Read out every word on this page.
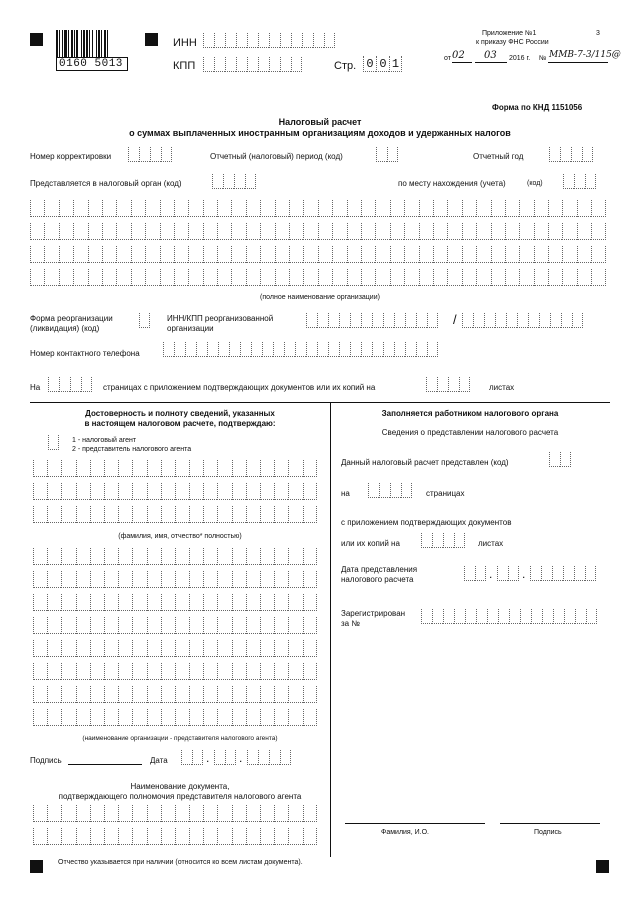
0160 5013
ИНН
КПП	Стр. 0 0 1
Приложение №1	3
к приказу ФНС России
от 02 03 2016 г. № ММВ-7-3/115@
Форма по КНД 1151056
Налоговый расчет
о суммах выплаченных иностранным организациям доходов и удержанных налогов
Номер корректировки	Отчетный (налоговый) период (код)	Отчетный год
Представляется в налоговый орган (код)	по месту нахождения (учета)	(код)
(полное наименование организации)
Форма реорганизации
(ликвидация) (код)
ИНН/КПП реорганизованной
организации
/
Номер контактного телефона
На	страницах с приложением подтверждающих документов или их копий на	листах
Достоверность и полноту сведений, указанных
в настоящем налоговом расчете, подтверждаю:
1 - налоговый агент
2 - представитель налогового агента
(фамилия, имя, отчество* полностью)
(наименование организации - представителя налогового агента)
Подпись	Дата	. .
Наименование документа,
подтверждающего полномочия представителя налогового агента
Заполняется работником налогового органа
Сведения о представлении налогового расчета
Данный налоговый расчет представлен (код)
на	страницах
с приложением подтверждающих документов
или их копий на	листах
Дата представления
налогового расчета	. .
Зарегистрирован
за №
Фамилия, И.О.	Подпись
Отчество указывается при наличии (относится ко всем листам документа).
